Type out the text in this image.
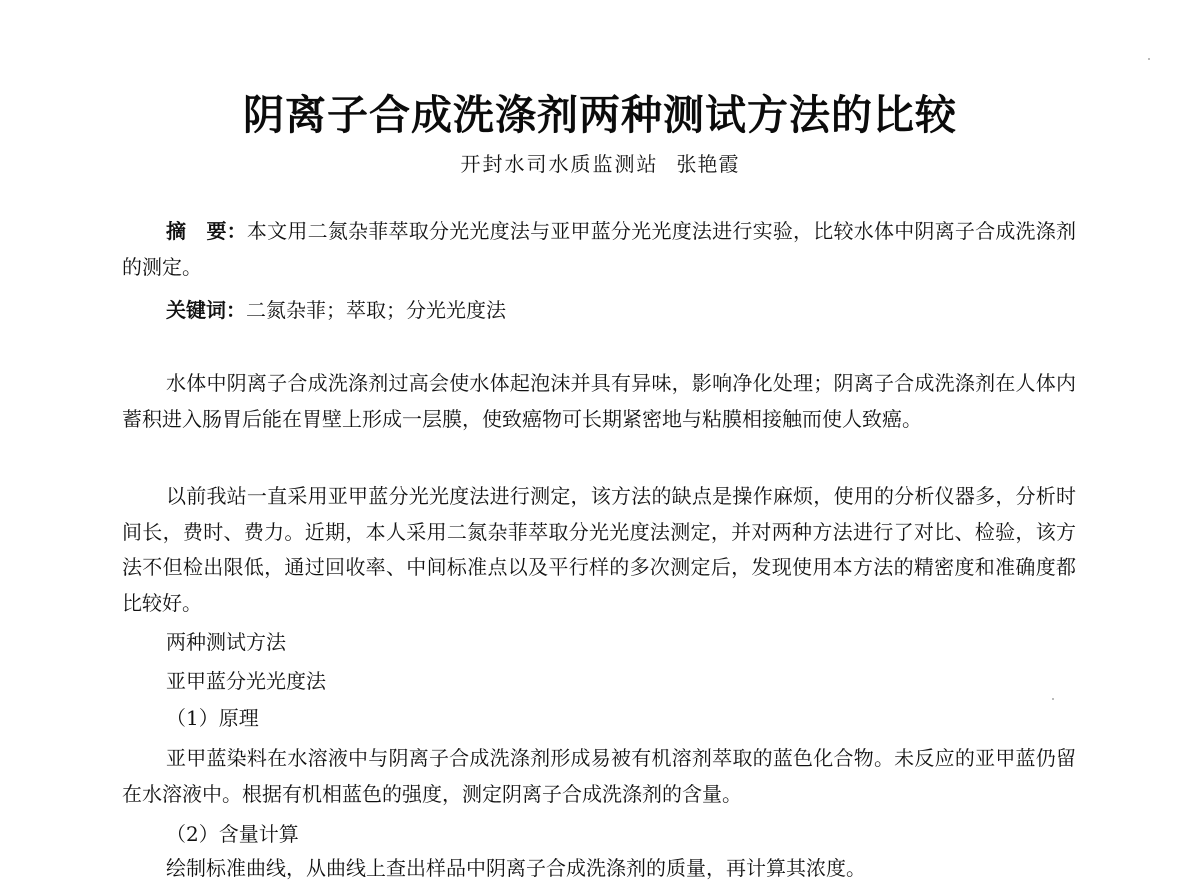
阴离子合成洗涤剂两种测试方法的比较
开封水司水质监测站 张艳霞
摘　要：本文用二氮杂菲萃取分光光度法与亚甲蓝分光光度法进行实验，比较水体中阴离子合成洗涤剂的测定。
关键词：二氮杂菲；萃取；分光光度法
水体中阴离子合成洗涤剂过高会使水体起泡沫并具有异味，影响净化处理；阴离子合成洗涤剂在人体内蓄积进入肠胃后能在胃壁上形成一层膜，使致癌物可长期紧密地与粘膜相接触而使人致癌。
以前我站一直采用亚甲蓝分光光度法进行测定，该方法的缺点是操作麻烦，使用的分析仪器多，分析时间长，费时、费力。近期，本人采用二氮杂菲萃取分光光度法测定，并对两种方法进行了对比、检验，该方法不但检出限低，通过回收率、中间标准点以及平行样的多次测定后，发现使用本方法的精密度和准确度都比较好。
两种测试方法
亚甲蓝分光光度法
（1）原理
亚甲蓝染料在水溶液中与阴离子合成洗涤剂形成易被有机溶剂萃取的蓝色化合物。未反应的亚甲蓝仍留在水溶液中。根据有机相蓝色的强度，测定阴离子合成洗涤剂的含量。
（2）含量计算
绘制标准曲线，从曲线上查出样品中阴离子合成洗涤剂的质量，再计算其浓度。
